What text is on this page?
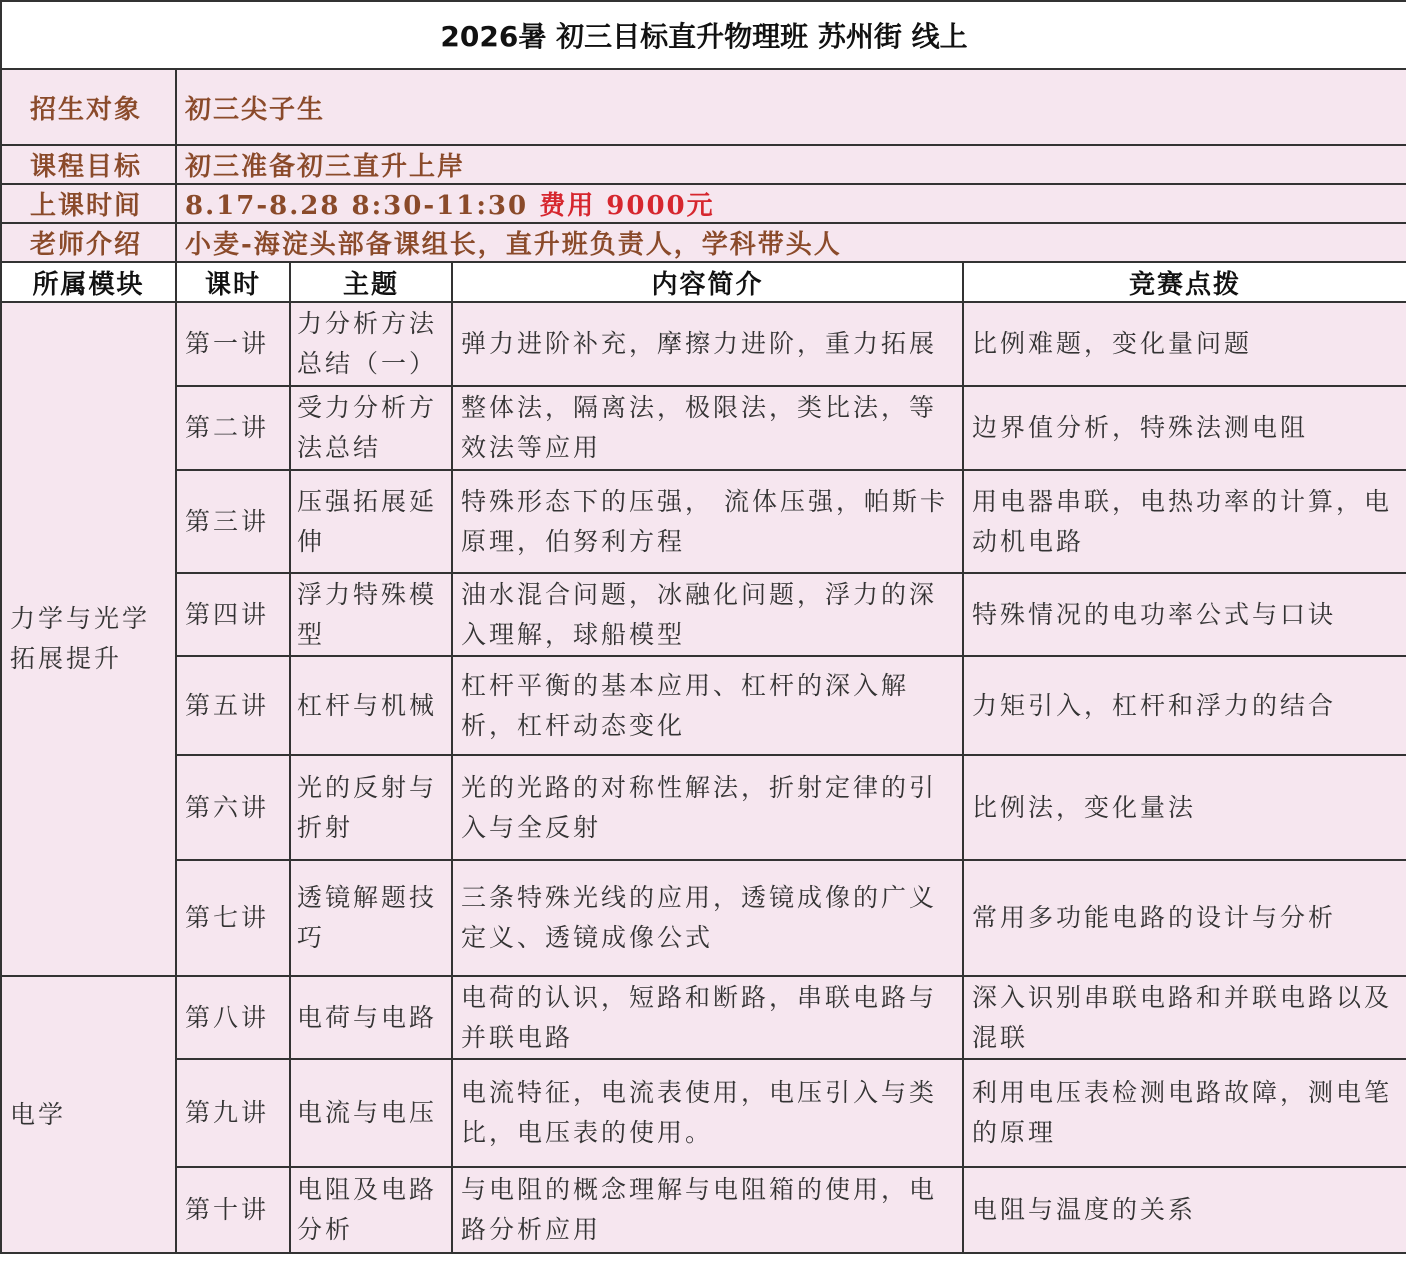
2026暑 初三目标直升物理班 苏州街 线上				
招生对象	初三尖子生			
课程目标	初三准备初三直升上岸			
上课时间	8.17-8.28 8:30-11:30 费用 9000元			
老师介绍	小麦-海淀头部备课组长，直升班负责人，学科带头人			
所属模块	课时	主题	内容简介	竞赛点拨
力学与光学拓展提升	第一讲	力分析方法总结（一）	弹力进阶补充，摩擦力进阶，重力拓展	比例难题，变化量问题
	第二讲	受力分析方法总结	整体法，隔离法，极限法，类比法，等效法等应用	边界值分析，特殊法测电阻
	第三讲	压强拓展延伸	特殊形态下的压强， 流体压强，帕斯卡原理，伯努利方程	用电器串联，电热功率的计算，电动机电路
	第四讲	浮力特殊模型	油水混合问题，冰融化问题，浮力的深入理解，球船模型	特殊情况的电功率公式与口诀
	第五讲	杠杆与机械	杠杆平衡的基本应用、杠杆的深入解析，杠杆动态变化	力矩引入，杠杆和浮力的结合
	第六讲	光的反射与折射	光的光路的对称性解法，折射定律的引入与全反射	比例法，变化量法
	第七讲	透镜解题技巧	三条特殊光线的应用，透镜成像的广义定义、透镜成像公式	常用多功能电路的设计与分析
电学	第八讲	电荷与电路	电荷的认识，短路和断路，串联电路与并联电路	深入识别串联电路和并联电路以及混联
	第九讲	电流与电压	电流特征，电流表使用，电压引入与类比，电压表的使用。	利用电压表检测电路故障，测电笔的原理
	第十讲	电阻及电路分析	与电阻的概念理解与电阻箱的使用，电路分析应用	电阻与温度的关系
